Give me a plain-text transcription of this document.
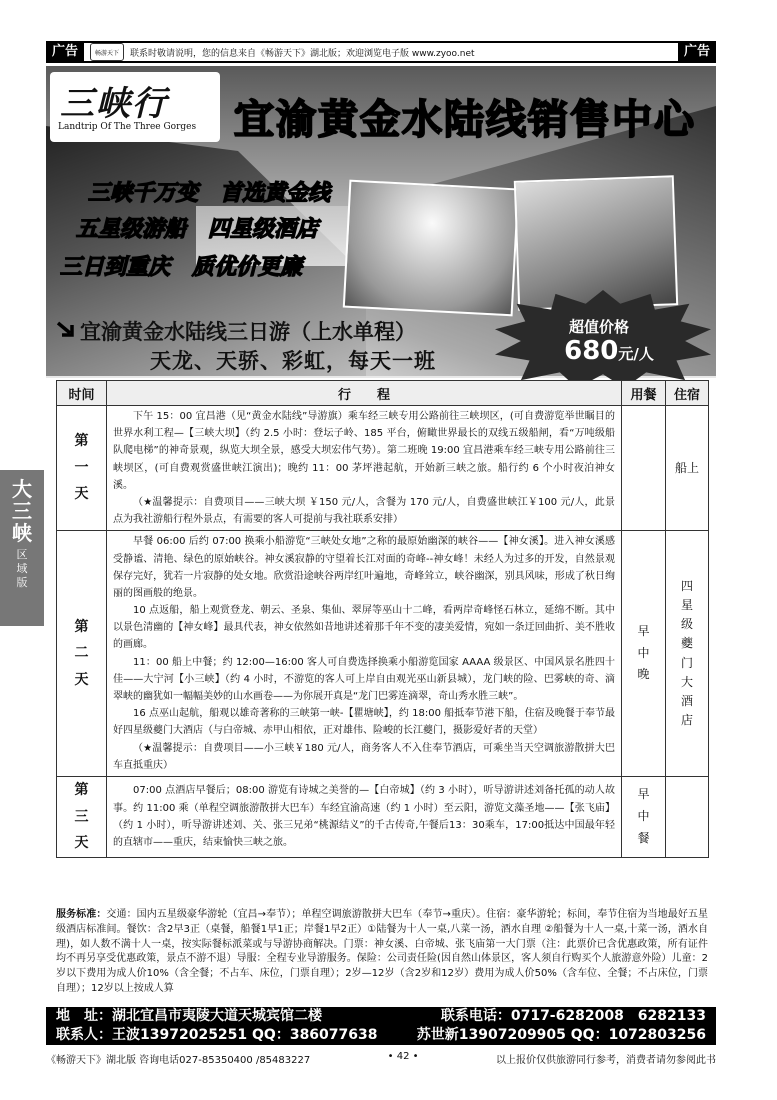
广告	畅游天下	联系时敬请说明，您的信息来自《畅游天下》湖北版；欢迎浏览电子版 www.zyoo.net	广告
三峡行
Landtrip Of The Three Gorges 宜渝黄金水陆线销售中心
三峡千万变　首选黄金线
五星级游船　四星级酒店
三日到重庆　质优价更廉
宜渝黄金水陆线三日游（上水单程）
天龙、天骄、彩虹，每天一班
超值价格
680元/人
大三峡
区域版
时间	行　　程	用餐	住宿
第一天	下午 15：00 宜昌港（见“黄金水陆线”导游旗）乘车经三峡专用公路前往三峡坝区，(可自费游览举世瞩目的世界水利工程—【三峡大坝】（约 2.5 小时：登坛子岭、185 平台，俯瞰世界最长的双线五级船闸，看“万吨级船队爬电梯”的神奇景观，纵览大坝全景，感受大坝宏伟气势）。第二班晚 19:00 宜昌港乘车经三峡专用公路前往三峡坝区，(可自费观赏盛世峡江演出)；晚约 11：00 茅坪港起航，开始新三峡之旅。船行约 6 个小时夜泊神女溪。

（★温馨提示：自费项目——三峡大坝 ￥150 元/人，含餐为 170 元/人，自费盛世峡江￥100 元/人，此景点为我社游船行程外景点，有需要的客人可提前与我社联系安排）		船上
第二天	早餐 06:00 后约 07:00 换乘小船游览“三峡处女地”之称的最原始幽深的峡谷——【神女溪】。进入神女溪感受静谧、清艳、绿色的原始峡谷。神女溪寂静的守望着长江对面的奇峰--神女峰！未经人为过多的开发，自然景观保存完好，犹若一片寂静的处女地。欣赏沿途峡谷两岸红叶遍地，奇峰耸立，峡谷幽深，别具风味，形成了秋日绚丽的图画般的绝景。

10 点返船，船上观赏登龙、朝云、圣泉、集仙、翠屏等巫山十二峰，看两岸奇峰怪石林立，延绵不断。其中以景色清幽的【神女峰】最具代表，神女依然如昔地讲述着那千年不变的凄美爱情，宛如一条迂回曲折、美不胜收的画廊。

11：00 船上中餐；约 12:00—16:00 客人可自费选择换乘小船游览国家 AAAA 级景区、中国风景名胜四十佳——大宁河【小三峡】（约 4 小时，不游览的客人可上岸自由观光巫山新县城），龙门峡的险、巴雾峡的奇、滴翠峡的幽犹如一幅幅美妙的山水画卷——为你展开真是“龙门巴雾连滴翠，奇山秀水胜三峡”。

16 点巫山起航，船观以雄奇著称的三峡第一峡-【瞿塘峡】，约 18:00 船抵奉节港下船，住宿及晚餐于奉节最好四星级夔门大酒店（与白帝城、赤甲山相依，正对雄伟、险峻的长江夔门，摄影爱好者的天堂）

（★温馨提示：自费项目——小三峡￥180 元/人，商务客人不入住奉节酒店，可乘坐当天空调旅游散拼大巴车直抵重庆）	早中晚	四星级夔门大酒店
第三天	07:00 点酒店早餐后；08:00 游览有诗城之美誉的—【白帝城】（约 3 小时），听导游讲述刘备托孤的动人故事。约 11:00 乘（单程空调旅游散拼大巴车）车经宜渝高速（约 1 小时）至云阳，游览文藻圣地——【张飞庙】（约 1 小时），听导游讲述刘、关、张三兄弟“桃源结义”的千古传奇,午餐后13：30乘车，17:00抵达中国最年轻的直辖市——重庆，结束愉快三峡之旅。	早中餐	
服务标准：交通：国内五星级豪华游轮（宜昌→奉节）；单程空调旅游散拼大巴车（奉节→重庆）。住宿：豪华游轮；标间，奉节住宿为当地最好五星级酒店标准间。餐饮：含2早3正（桌餐，船餐1早1正；岸餐1早2正）①陆餐为十人一桌,八菜一汤，酒水自理 ②船餐为十人一桌,十菜一汤，酒水自理)，如人数不满十人一桌，按实际餐标派菜或与导游协商解决。门票：神女溪、白帝城、张飞庙第一大门票（注：此票价已含优惠政策，所有证件均不再另享受优惠政策，景点不游不退）导服：全程专业导游服务。保险：公司责任险(因自然山体景区，客人须自行购买个人旅游意外险）儿童：2岁以下费用为成人价10%（含全餐；不占车、床位，门票自理）；2岁—12岁（含2岁和12岁）费用为成人价50%（含车位、全餐；不占床位，门票自理）；12岁以上按成人算
地　址：湖北宜昌市夷陵大道天城宾馆二楼	联系电话：0717-6282008　6282133
联系人：王波13972025251 QQ：386077638	苏世新13907209905 QQ：1072803256
《畅游天下》湖北版 咨询电话027-85350400 /85483227	• 42 •	以上报价仅供旅游同行参考，消费者请勿参阅此书
